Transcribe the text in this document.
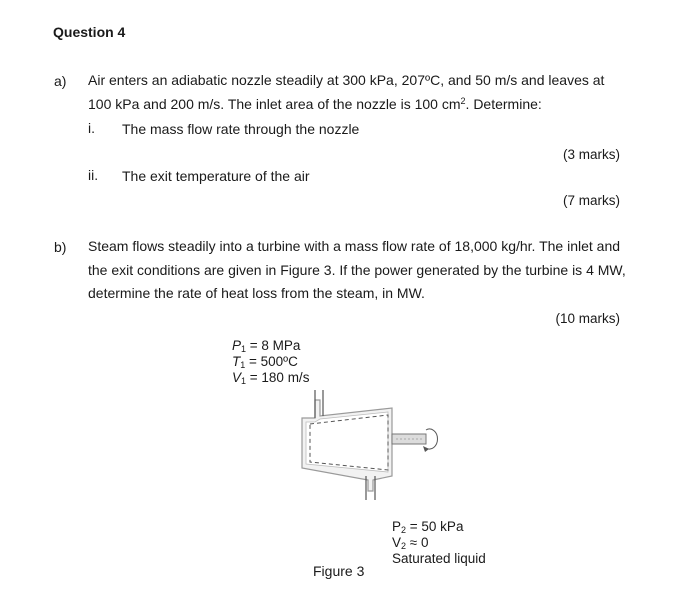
Question 4
a) Air enters an adiabatic nozzle steadily at 300 kPa, 207ºC, and 50 m/s and leaves at
100 kPa and 200 m/s. The inlet area of the nozzle is 100 $cm^2$. Determine:
i. The mass flow rate through the nozzle
(3 marks)
ii. The exit temperature of the air
(7 marks)
b) Steam flows steadily into a turbine with a mass flow rate of 18,000 kg/hr. The inlet and
the exit conditions are given in Figure 3. If the power generated by the turbine is 4 MW,
determine the rate of heat loss from the steam, in MW.
(10 marks)
$P_1 = 8$ MPa
$T_1$ = 500ºC
$V_1 = 180$ m/s
$P_2 = 50$ kPa
$V_2 \approx 0$
Saturated liquid
Figure 3
